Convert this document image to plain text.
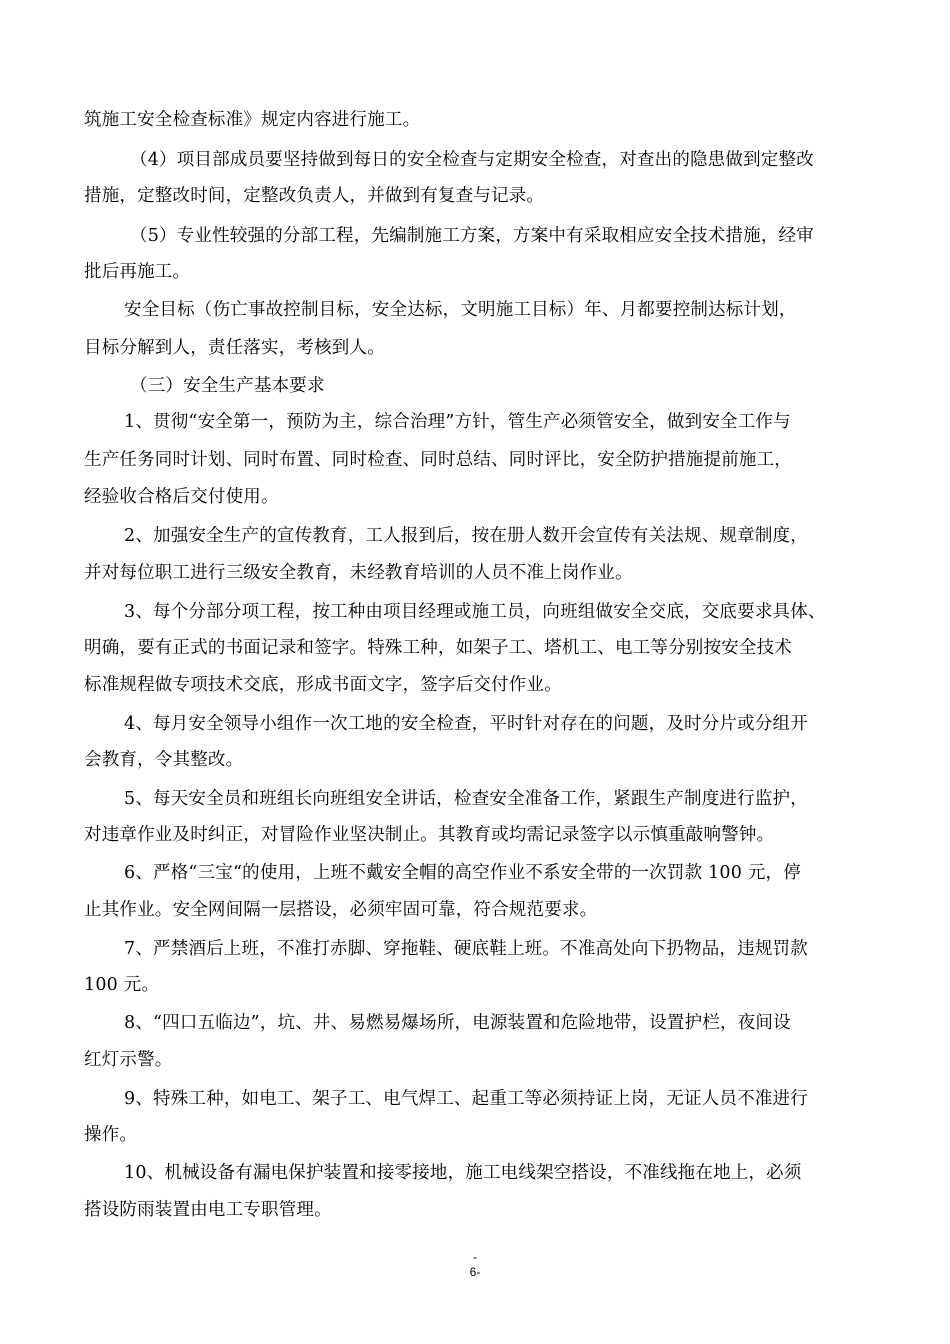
筑施工安全检查标准》规定内容进行施工。
（4）项目部成员要坚持做到每日的安全检查与定期安全检查，对查出的隐患做到定整改
措施，定整改时间，定整改负责人，并做到有复查与记录。
（5）专业性较强的分部工程，先编制施工方案，方案中有采取相应安全技术措施，经审
批后再施工。
安全目标（伤亡事故控制目标，安全达标，文明施工目标）年、月都要控制达标计划，
目标分解到人，责任落实，考核到人。
（三）安全生产基本要求
1、贯彻“安全第一，预防为主，综合治理”方针，管生产必须管安全，做到安全工作与
生产任务同时计划、同时布置、同时检查、同时总结、同时评比，安全防护措施提前施工，
经验收合格后交付使用。
2、加强安全生产的宣传教育，工人报到后，按在册人数开会宣传有关法规、规章制度，
并对每位职工进行三级安全教育，未经教育培训的人员不准上岗作业。
3、每个分部分项工程，按工种由项目经理或施工员，向班组做安全交底，交底要求具体、
明确，要有正式的书面记录和签字。特殊工种，如架子工、塔机工、电工等分别按安全技术
标准规程做专项技术交底，形成书面文字，签字后交付作业。
4、每月安全领导小组作一次工地的安全检查，平时针对存在的问题，及时分片或分组开
会教育，令其整改。
5、每天安全员和班组长向班组安全讲话，检查安全准备工作，紧跟生产制度进行监护，
对违章作业及时纠正，对冒险作业坚决制止。其教育或均需记录签字以示慎重敲响警钟。
6、严格“三宝“的使用，上班不戴安全帽的高空作业不系安全带的一次罚款 100 元，停
止其作业。安全网间隔一层搭设，必须牢固可靠，符合规范要求。
7、严禁酒后上班，不准打赤脚、穿拖鞋、硬底鞋上班。不准高处向下扔物品，违规罚款
100 元。
8、“四口五临边”，坑、井、易燃易爆场所，电源装置和危险地带，设置护栏，夜间设
红灯示警。
9、特殊工种，如电工、架子工、电气焊工、起重工等必须持证上岗，无证人员不准进行
操作。
10、机械设备有漏电保护装置和接零接地，施工电线架空搭设，不准线拖在地上，必须
搭设防雨装置由电工专职管理。
-
6-
